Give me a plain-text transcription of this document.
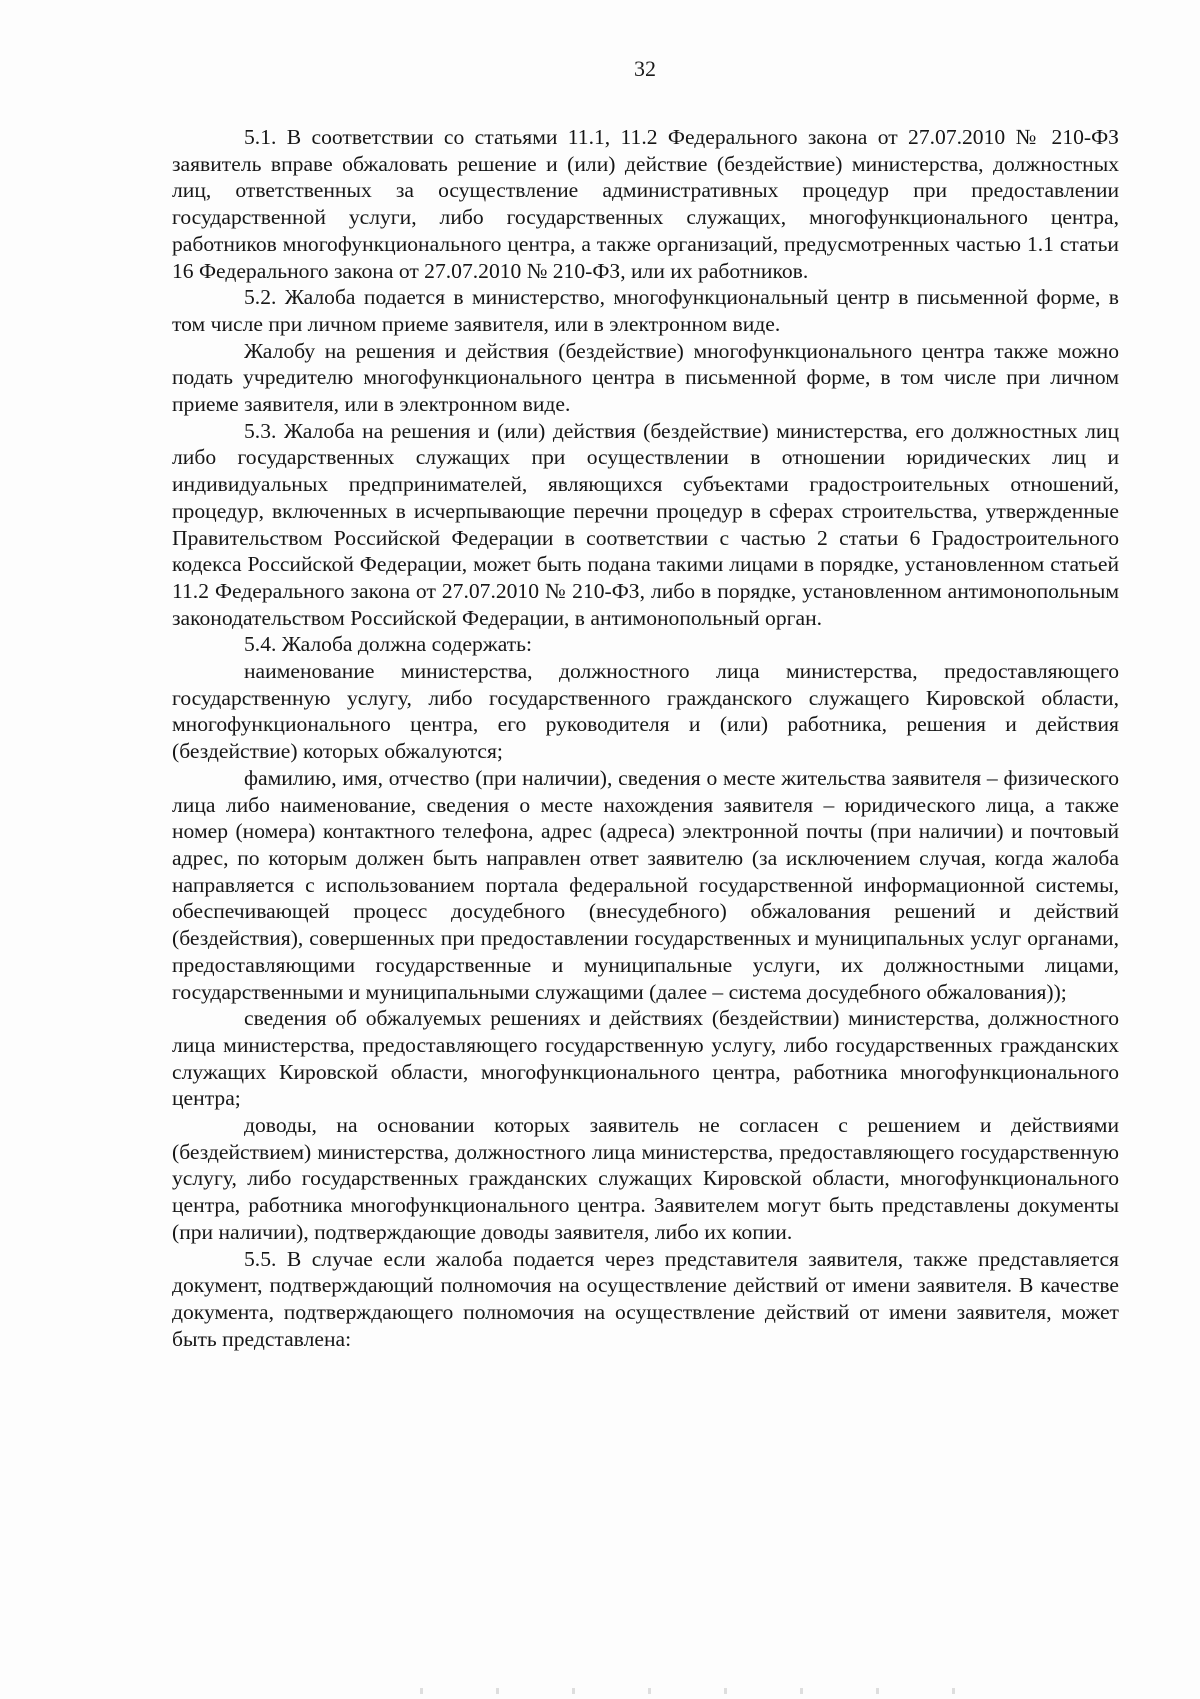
32

5.1. В соответствии со статьями 11.1, 11.2 Федерального закона от 27.07.2010 № 210-ФЗ заявитель вправе обжаловать решение и (или) действие (бездействие) министерства, должностных лиц, ответственных за осуществление административных процедур при предоставлении государственной услуги, либо государственных служащих, многофункционального центра, работников многофункционального центра, а также организаций, предусмотренных частью 1.1 статьи 16 Федерального закона от 27.07.2010 № 210-ФЗ, или их работников.

5.2. Жалоба подается в министерство, многофункциональный центр в письменной форме, в том числе при личном приеме заявителя, или в электронном виде.

Жалобу на решения и действия (бездействие) многофункционального центра также можно подать учредителю многофункционального центра в письменной форме, в том числе при личном приеме заявителя, или в электронном виде.

5.3. Жалоба на решения и (или) действия (бездействие) министерства, его должностных лиц либо государственных служащих при осуществлении в отношении юридических лиц и индивидуальных предпринимателей, являющихся субъектами градостроительных отношений, процедур, включенных в исчерпывающие перечни процедур в сферах строительства, утвержденные Правительством Российской Федерации в соответствии с частью 2 статьи 6 Градостроительного кодекса Российской Федерации, может быть подана такими лицами в порядке, установленном статьей 11.2 Федерального закона от 27.07.2010 № 210-ФЗ, либо в порядке, установленном антимонопольным законодательством Российской Федерации, в антимонопольный орган.

5.4. Жалоба должна содержать:

наименование министерства, должностного лица министерства, предоставляющего государственную услугу, либо государственного гражданского служащего Кировской области, многофункционального центра, его руководителя и (или) работника, решения и действия (бездействие) которых обжалуются;

фамилию, имя, отчество (при наличии), сведения о месте жительства заявителя – физического лица либо наименование, сведения о месте нахождения заявителя – юридического лица, а также номер (номера) контактного телефона, адрес (адреса) электронной почты (при наличии) и почтовый адрес, по которым должен быть направлен ответ заявителю (за исключением случая, когда жалоба направляется с использованием портала федеральной государственной информационной системы, обеспечивающей процесс досудебного (внесудебного) обжалования решений и действий (бездействия), совершенных при предоставлении государственных и муниципальных услуг органами, предоставляющими государственные и муниципальные услуги, их должностными лицами, государственными и муниципальными служащими (далее – система досудебного обжалования));

сведения об обжалуемых решениях и действиях (бездействии) министерства, должностного лица министерства, предоставляющего государственную услугу, либо государственных гражданских служащих Кировской области, многофункционального центра, работника многофункционального центра;

доводы, на основании которых заявитель не согласен с решением и действиями (бездействием) министерства, должностного лица министерства, предоставляющего государственную услугу, либо государственных гражданских служащих Кировской области, многофункционального центра, работника многофункционального центра. Заявителем могут быть представлены документы (при наличии), подтверждающие доводы заявителя, либо их копии.

5.5. В случае если жалоба подается через представителя заявителя, также представляется документ, подтверждающий полномочия на осуществление действий от имени заявителя. В качестве документа, подтверждающего полномочия на осуществление действий от имени заявителя, может быть представлена:
